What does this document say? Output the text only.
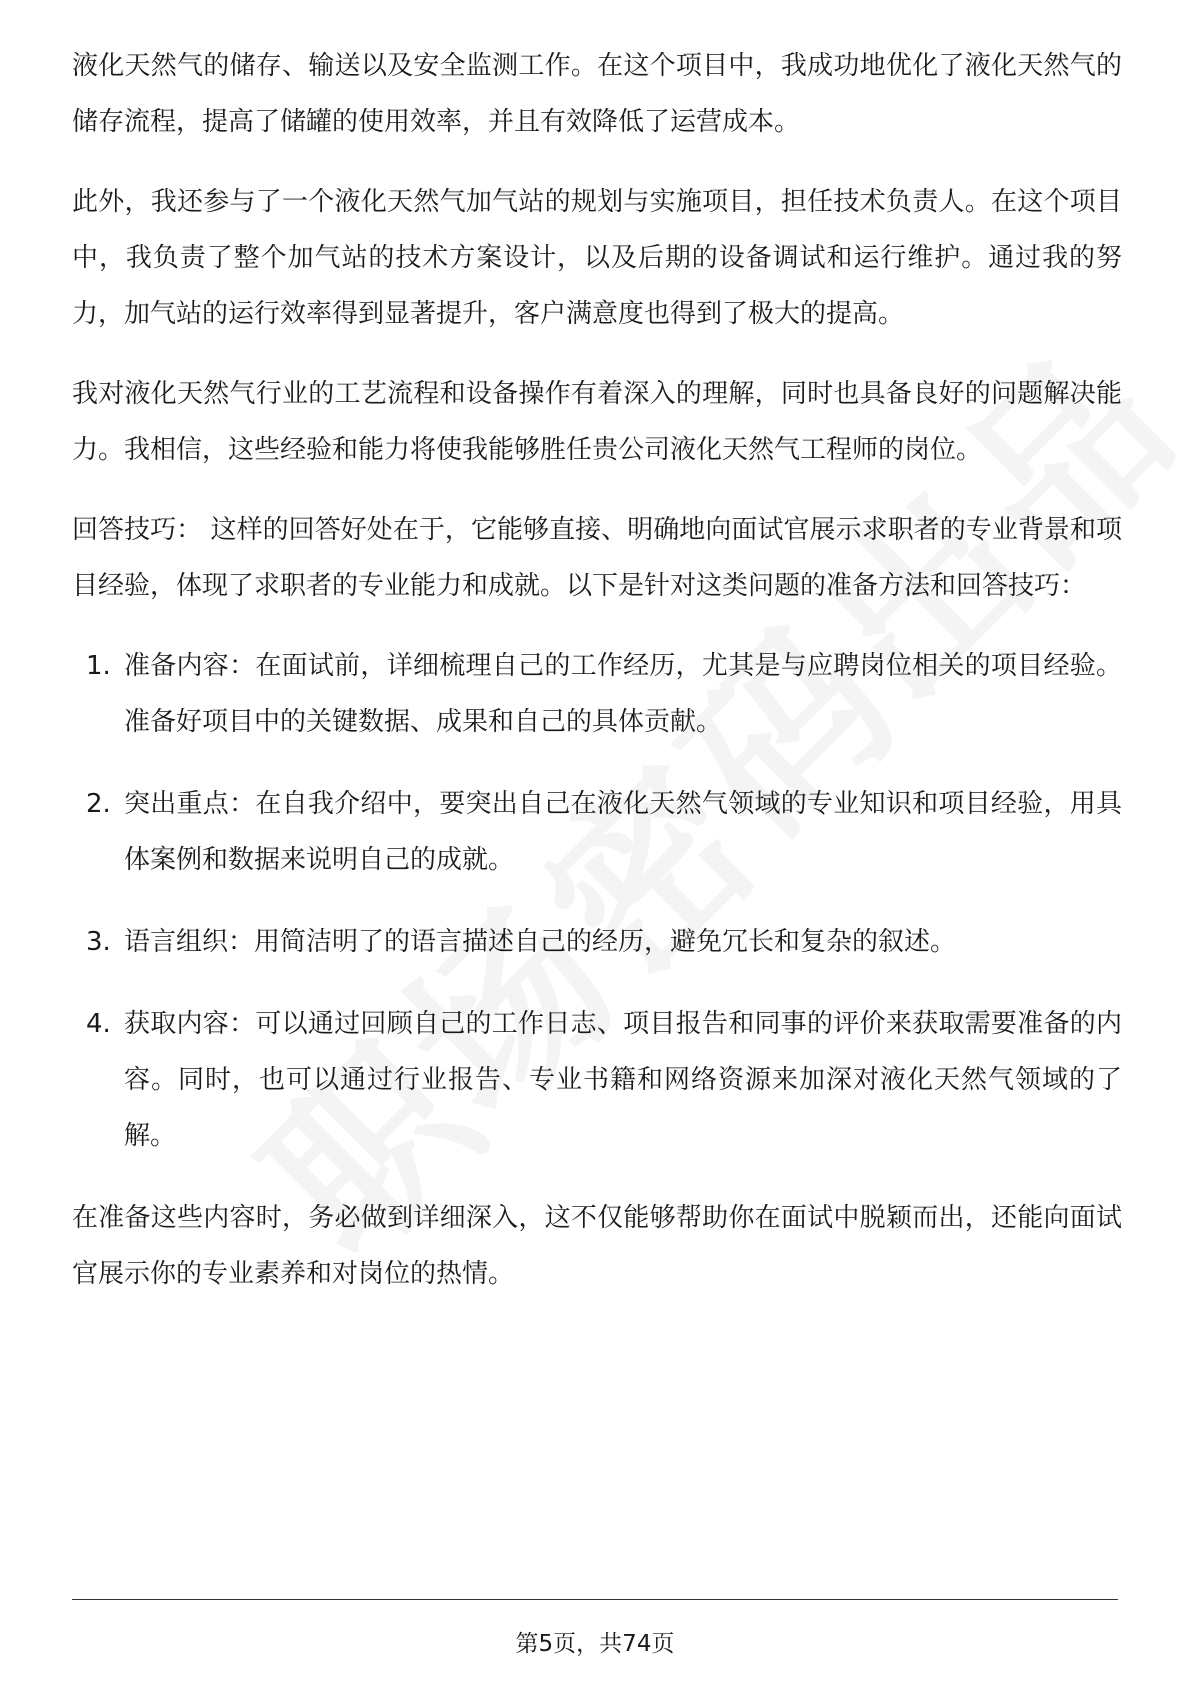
液化天然气的储存、输送以及安全监测工作。在这个项目中，我成功地优化了液化天然气的储存流程，提高了储罐的使用效率，并且有效降低了运营成本。

此外，我还参与了一个液化天然气加气站的规划与实施项目，担任技术负责人。在这个项目中，我负责了整个加气站的技术方案设计，以及后期的设备调试和运行维护。通过我的努力，加气站的运行效率得到显著提升，客户满意度也得到了极大的提高。

我对液化天然气行业的工艺流程和设备操作有着深入的理解，同时也具备良好的问题解决能力。我相信，这些经验和能力将使我能够胜任贵公司液化天然气工程师的岗位。

回答技巧： 这样的回答好处在于，它能够直接、明确地向面试官展示求职者的专业背景和项目经验，体现了求职者的专业能力和成就。以下是针对这类问题的准备方法和回答技巧：

1. 准备内容：在面试前，详细梳理自己的工作经历，尤其是与应聘岗位相关的项目经验。准备好项目中的关键数据、成果和自己的具体贡献。
2. 突出重点：在自我介绍中，要突出自己在液化天然气领域的专业知识和项目经验，用具体案例和数据来说明自己的成就。
3. 语言组织：用简洁明了的语言描述自己的经历，避免冗长和复杂的叙述。
4. 获取内容：可以通过回顾自己的工作日志、项目报告和同事的评价来获取需要准备的内容。同时，也可以通过行业报告、专业书籍和网络资源来加深对液化天然气领域的了解。

在准备这些内容时，务必做到详细深入，这不仅能够帮助你在面试中脱颖而出，还能向面试官展示你的专业素养和对岗位的热情。

第5页，共74页
